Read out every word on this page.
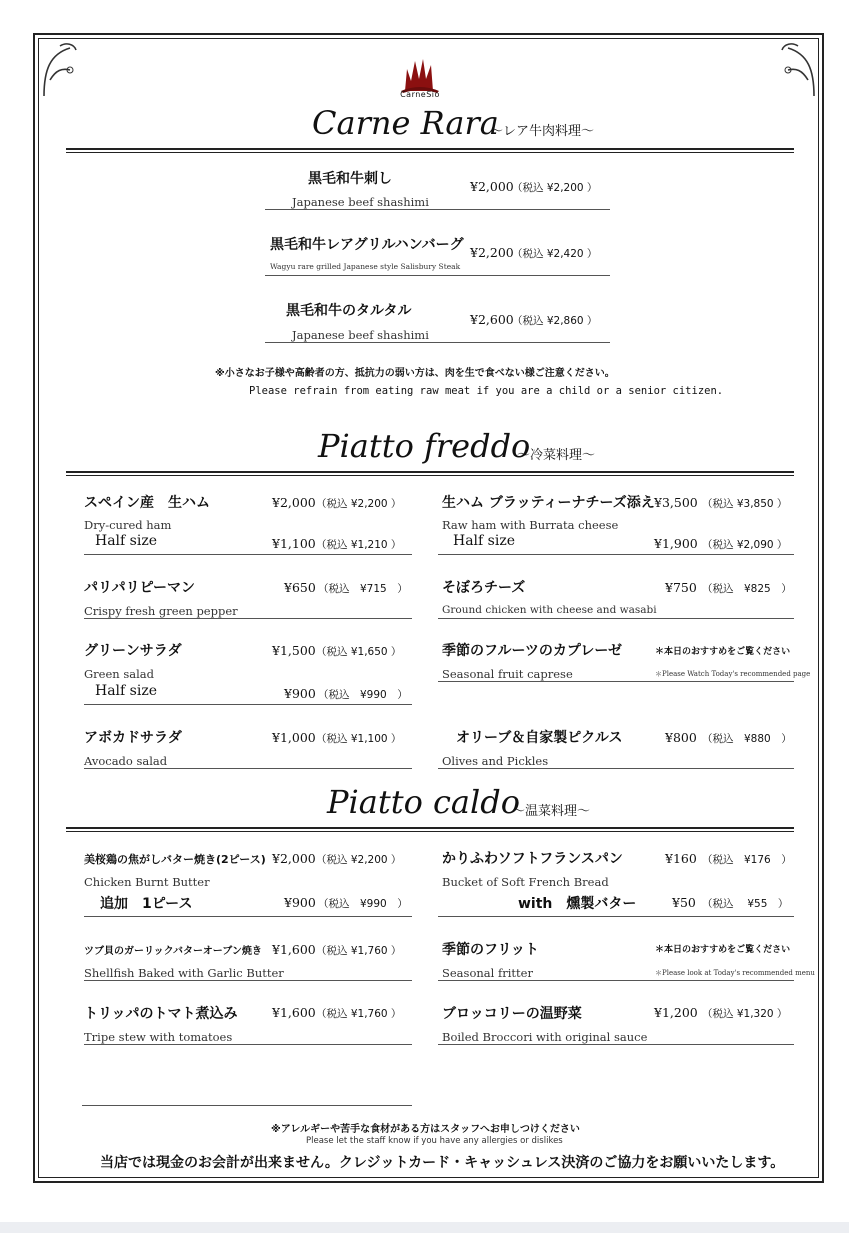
CarneSio
Carne Rara
～レア牛肉料理～
黒毛和牛刺し
Japanese beef shashimi
¥2,000
（税込 ¥2,200 ）
黒毛和牛レアグリルハンバーグ
Wagyu rare grilled Japanese style Salisbury Steak
¥2,200
（税込 ¥2,420 ）
黒毛和牛のタルタル
Japanese beef shashimi
¥2,600
（税込 ¥2,860 ）
※小さなお子様や高齢者の方、抵抗力の弱い方は、肉を生で食べない様ご注意ください。
Please refrain from eating raw meat if you are a child or a senior citizen.
Piatto freddo
～冷菜料理～
スペイン産　生ハム	¥2,000 （税込 ¥2,200 ）
Dry-cured ham
Half size	¥1,100 （税込 ¥1,210 ）
パリパリピーマン	¥650 （税込　¥715　）
Crispy fresh green pepper
グリーンサラダ	¥1,500 （税込 ¥1,650 ）
Green salad
Half size	¥900 （税込　¥990　）
アボカドサラダ	¥1,000 （税込 ¥1,100 ）
Avocado salad
生ハム ブラッティーナチーズ添え ¥3,500 （税込 ¥3,850 ）
Raw ham with Burrata cheese
Half size	¥1,900 （税込 ¥2,090 ）
そぼろチーズ	¥750 （税込　¥825　）
Ground chicken with cheese and wasabi
季節のフルーツのカプレーゼ	＊本日のおすすめをご覧ください
Seasonal fruit caprese	＊Please Watch Today's recommended page
オリーブ＆自家製ピクルス	¥800 （税込　¥880　）
Olives and Pickles
Piatto caldo
～温菜料理～
美桜鶏の焦がしバター焼き(2ピース) ¥2,000 （税込 ¥2,200 ）
Chicken Burnt Butter
追加　1ピース	¥900 （税込　¥990　）
ツブ貝のガーリックバターオーブン焼き ¥1,600 （税込 ¥1,760 ）
Shellfish Baked with Garlic Butter
トリッパのトマト煮込み	¥1,600 （税込 ¥1,760 ）
Tripe stew with tomatoes
かりふわソフトフランスパン	¥160 （税込　¥176　）
Bucket of Soft French Bread
with　燻製バター	¥50 （税込　 ¥55　）
季節のフリット	＊本日のおすすめをご覧ください
Seasonal fritter	＊Please look at Today's recommended menu
ブロッコリーの温野菜	¥1,200 （税込 ¥1,320 ）
Boiled Broccori with original sauce
※アレルギーや苦手な食材がある方はスタッフへお申しつけください
Please let the staff know if you have any allergies or dislikes
当店では現金のお会計が出来ません。クレジットカード・キャッシュレス決済のご協力をお願いいたします。
